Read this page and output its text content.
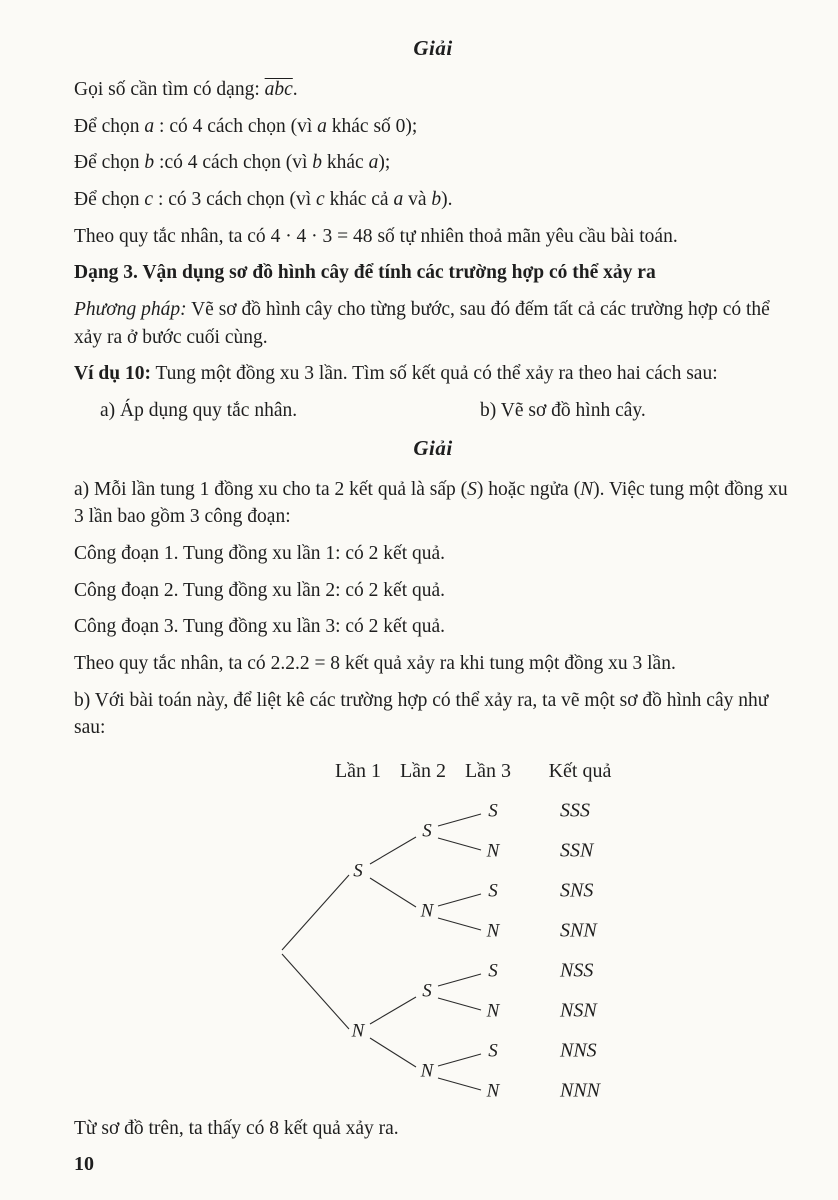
Giải

Gọi số cần tìm có dạng: $\overline{abc}$.

Để chọn a : có 4 cách chọn (vì a khác số 0);

Để chọn b :có 4 cách chọn (vì b khác a);

Để chọn c : có 3 cách chọn (vì c khác cả a và b).

Theo quy tắc nhân, ta có 4 · 4 · 3 = 48 số tự nhiên thoả mãn yêu cầu bài toán.

Dạng 3. Vận dụng sơ đồ hình cây để tính các trường hợp có thể xảy ra

Phương pháp: Vẽ sơ đồ hình cây cho từng bước, sau đó đếm tất cả các trường hợp có thể xảy ra ở bước cuối cùng.

Ví dụ 10: Tung một đồng xu 3 lần. Tìm số kết quả có thể xảy ra theo hai cách sau:

a) Áp dụng quy tắc nhân.	b) Vẽ sơ đồ hình cây.
Giải

a) Mỗi lần tung 1 đồng xu cho ta 2 kết quả là sấp (S) hoặc ngửa (N). Việc tung một đồng xu 3 lần bao gồm 3 công đoạn:

Công đoạn 1. Tung đồng xu lần 1: có 2 kết quả.

Công đoạn 2. Tung đồng xu lần 2: có 2 kết quả.

Công đoạn 3. Tung đồng xu lần 3: có 2 kết quả.

Theo quy tắc nhân, ta có 2.2.2 = 8 kết quả xảy ra khi tung một đồng xu 3 lần.

b) Với bài toán này, để liệt kê các trường hợp có thể xảy ra, ta vẽ một sơ đồ hình cây như sau:

Lần 1 Lần 2 Lần 3 Kết quả
S
N
S
N
S
N
S
N
S
N
S
N
S
N
SSS
SSN
SNS
SNN
NSS
NSN
NNS
NNN

Từ sơ đồ trên, ta thấy có 8 kết quả xảy ra.

10
